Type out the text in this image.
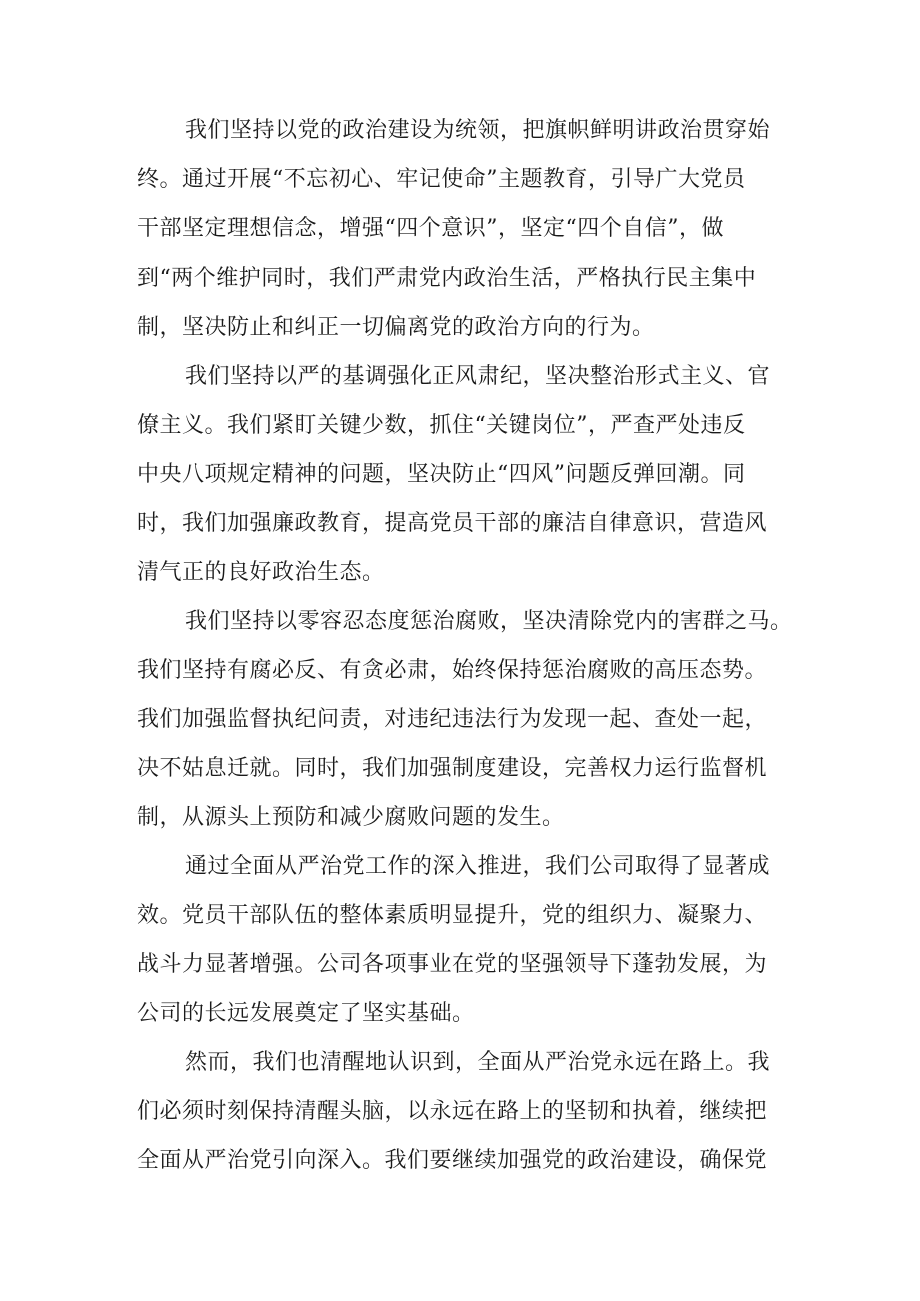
我们坚持以党的政治建设为统领，把旗帜鲜明讲政治贯穿始
终。通过开展“不忘初心、牢记使命”主题教育，引导广大党员
干部坚定理想信念，增强“四个意识”，坚定“四个自信”，做
到“两个维护同时，我们严肃党内政治生活，严格执行民主集中
制，坚决防止和纠正一切偏离党的政治方向的行为。
我们坚持以严的基调强化正风肃纪，坚决整治形式主义、官
僚主义。我们紧盯关键少数，抓住“关键岗位”，严查严处违反
中央八项规定精神的问题，坚决防止“四风”问题反弹回潮。同
时，我们加强廉政教育，提高党员干部的廉洁自律意识，营造风
清气正的良好政治生态。
我们坚持以零容忍态度惩治腐败，坚决清除党内的害群之马。
我们坚持有腐必反、有贪必肃，始终保持惩治腐败的高压态势。
我们加强监督执纪问责，对违纪违法行为发现一起、查处一起，
决不姑息迁就。同时，我们加强制度建设，完善权力运行监督机
制，从源头上预防和减少腐败问题的发生。
通过全面从严治党工作的深入推进，我们公司取得了显著成
效。党员干部队伍的整体素质明显提升，党的组织力、凝聚力、
战斗力显著增强。公司各项事业在党的坚强领导下蓬勃发展，为
公司的长远发展奠定了坚实基础。
然而，我们也清醒地认识到，全面从严治党永远在路上。我
们必须时刻保持清醒头脑，以永远在路上的坚韧和执着，继续把
全面从严治党引向深入。我们要继续加强党的政治建设，确保党
